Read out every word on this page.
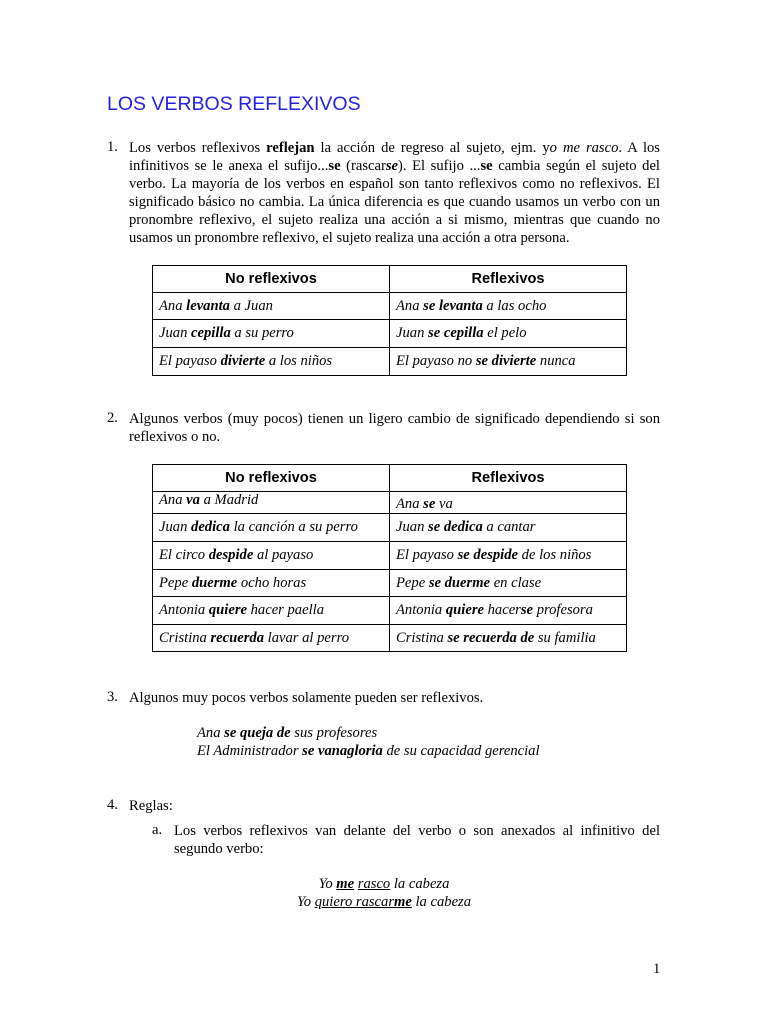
LOS VERBOS REFLEXIVOS
1. Los verbos reflexivos reflejan la acción de regreso al sujeto, ejm. yo me rasco. A los infinitivos se le anexa el sufijo...se (rascarse). El sufijo ...se cambia según el sujeto del verbo. La mayoría de los verbos en español son tanto reflexivos como no reflexivos. El significado básico no cambia. La única diferencia es que cuando usamos un verbo con un pronombre reflexivo, el sujeto realiza una acción a si mismo, mientras que cuando no usamos un pronombre reflexivo, el sujeto realiza una acción a otra persona.

No reflexivos	Reflexivos
Ana levanta a Juan	Ana se levanta a las ocho
Juan cepilla a su perro	Juan se cepilla el pelo
El payaso divierte a los niños	El payaso no se divierte nunca
2. Algunos verbos (muy pocos) tienen un ligero cambio de significado dependiendo si son reflexivos o no.

No reflexivos	Reflexivos
Ana va a Madrid	Ana se va
Juan dedica la canción a su perro	Juan se dedica a cantar
El circo despide al payaso	El payaso se despide de los niños
Pepe duerme ocho horas	Pepe se duerme en clase
Antonia quiere hacer paella	Antonia quiere hacerse profesora
Cristina recuerda lavar al perro	Cristina se recuerda de su familia
3. Algunos muy pocos verbos solamente pueden ser reflexivos.

Ana se queja de sus profesores
El Administrador se vanagloria de su capacidad gerencial
4. Reglas:

a. Los verbos reflexivos van delante del verbo o son anexados al infinitivo del segundo verbo:

Yo me rasco la cabeza
Yo quiero rascarme la cabeza
1
